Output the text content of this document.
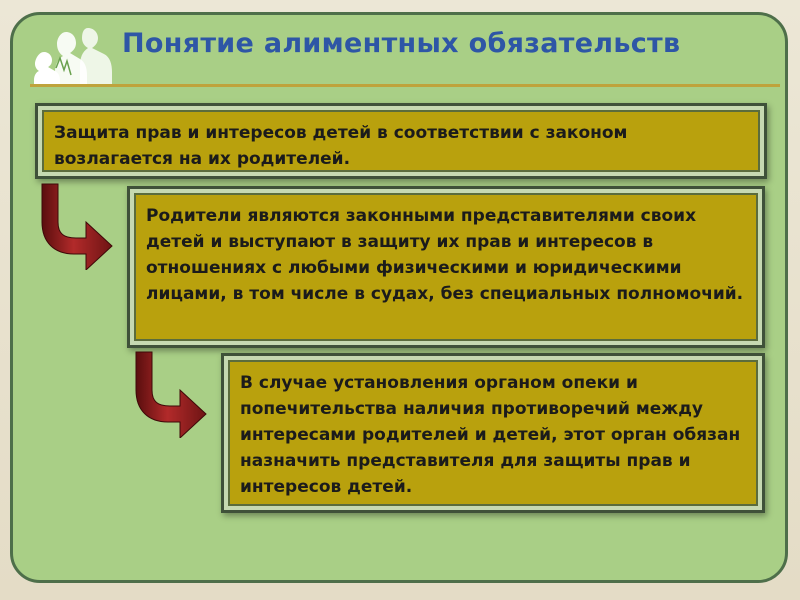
Понятие алиментных обязательств
Защита прав и интересов детей в соответствии с законом возлагается на их родителей.
Родители являются законными представителями своих детей и выступают в защиту их прав и интересов в отношениях с любыми физическими и юридическими лицами, в том числе в судах, без специальных полномочий.
В случае установления органом опеки и попечительства наличия противоречий между интересами родителей и детей, этот орган обязан назначить представителя для защиты прав и интересов детей.
